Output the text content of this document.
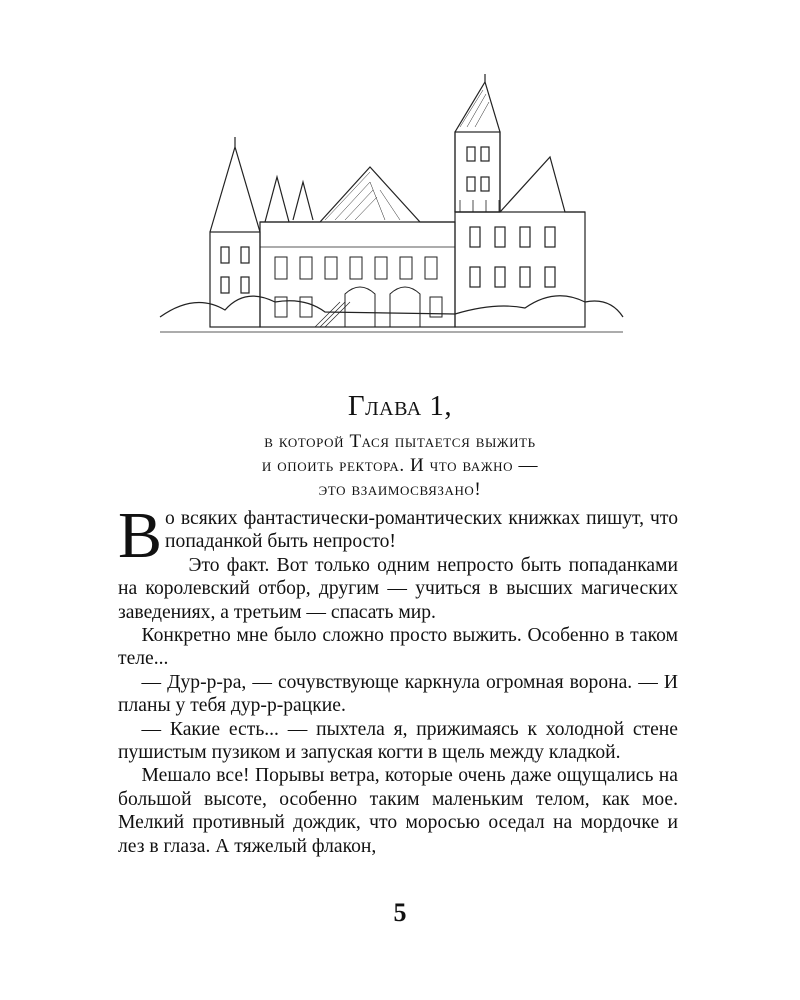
Глава 1,
в которой Тася пытается выжить
и опоить ректора. И что важно —
это взаимосвязано!

Во всяких фантастически-романтических книжках пишут, что попаданкой быть непросто!

Это факт. Вот только одним непросто быть попаданками на королевский отбор, другим — учиться в высших магических заведениях, а третьим — спасать мир.

Конкретно мне было сложно просто выжить. Особенно в таком теле...

— Дур-р-ра, — сочувствующе каркнула огромная ворона. — И планы у тебя дур-р-рацкие.

— Какие есть... — пыхтела я, прижимаясь к холодной стене пушистым пузиком и запуская когти в щель между кладкой.

Мешало все! Порывы ветра, которые очень даже ощущались на большой высоте, особенно таким маленьким телом, как мое. Мелкий противный дождик, что моросью оседал на мордочке и лез в глаза. А тяжелый флакон,

5
